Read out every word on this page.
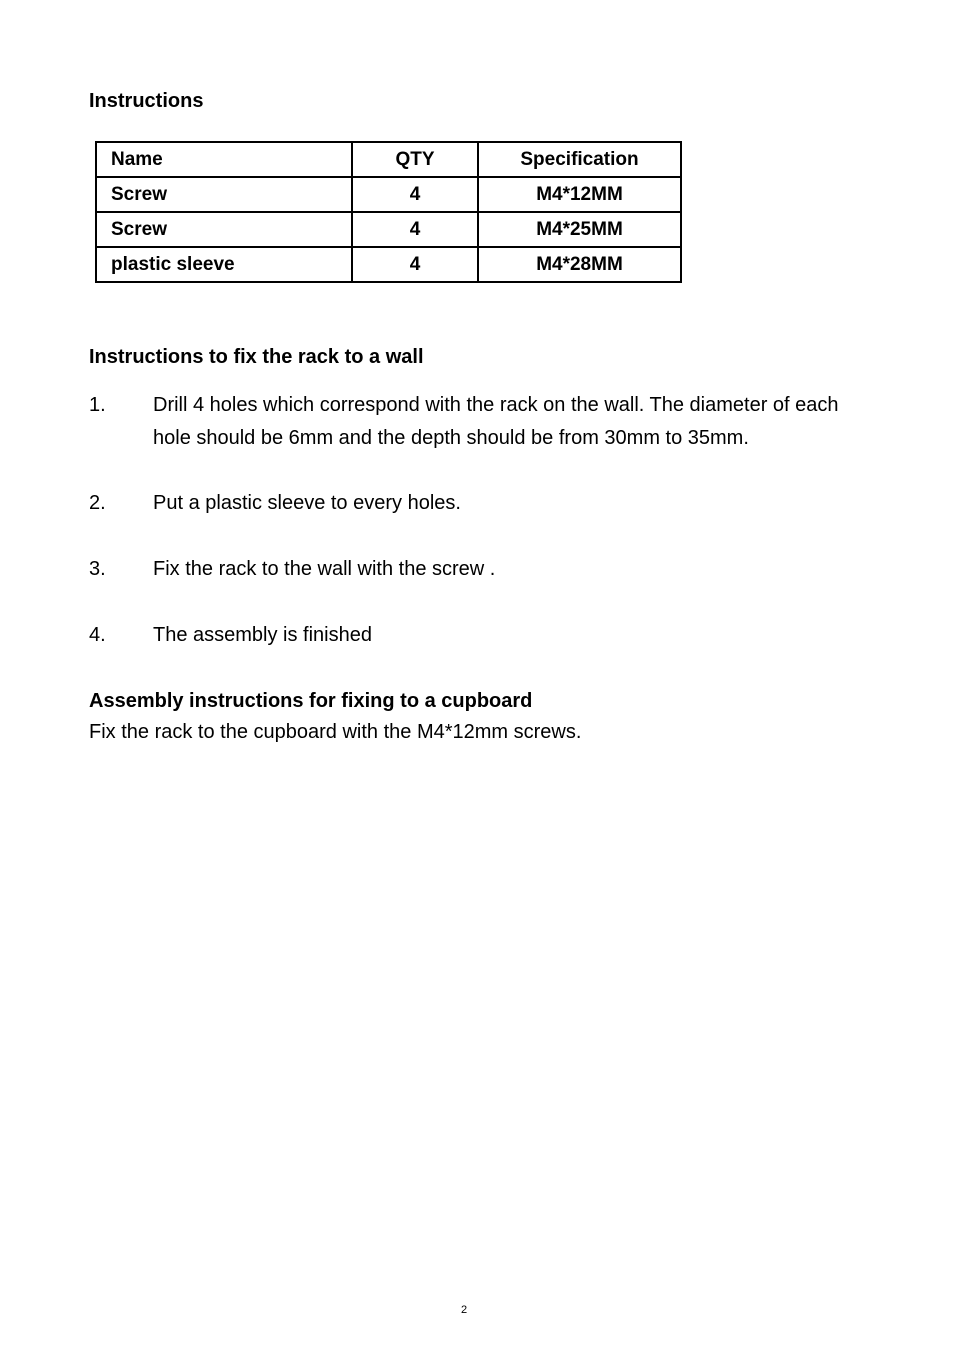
Instructions
Name	QTY	Specification
Screw	4	M4*12MM
Screw	4	M4*25MM
plastic sleeve	4	M4*28MM
Instructions to fix the rack to a wall
1. Drill 4 holes which correspond with the rack on the wall. The diameter of each hole should be 6mm and the depth should be from 30mm to 35mm.
2. Put a plastic sleeve to every holes.
3. Fix the rack to the wall with the screw .
4. The assembly is finished
Assembly instructions for fixing to a cupboard
Fix the rack to the cupboard with the M4*12mm screws.
2
